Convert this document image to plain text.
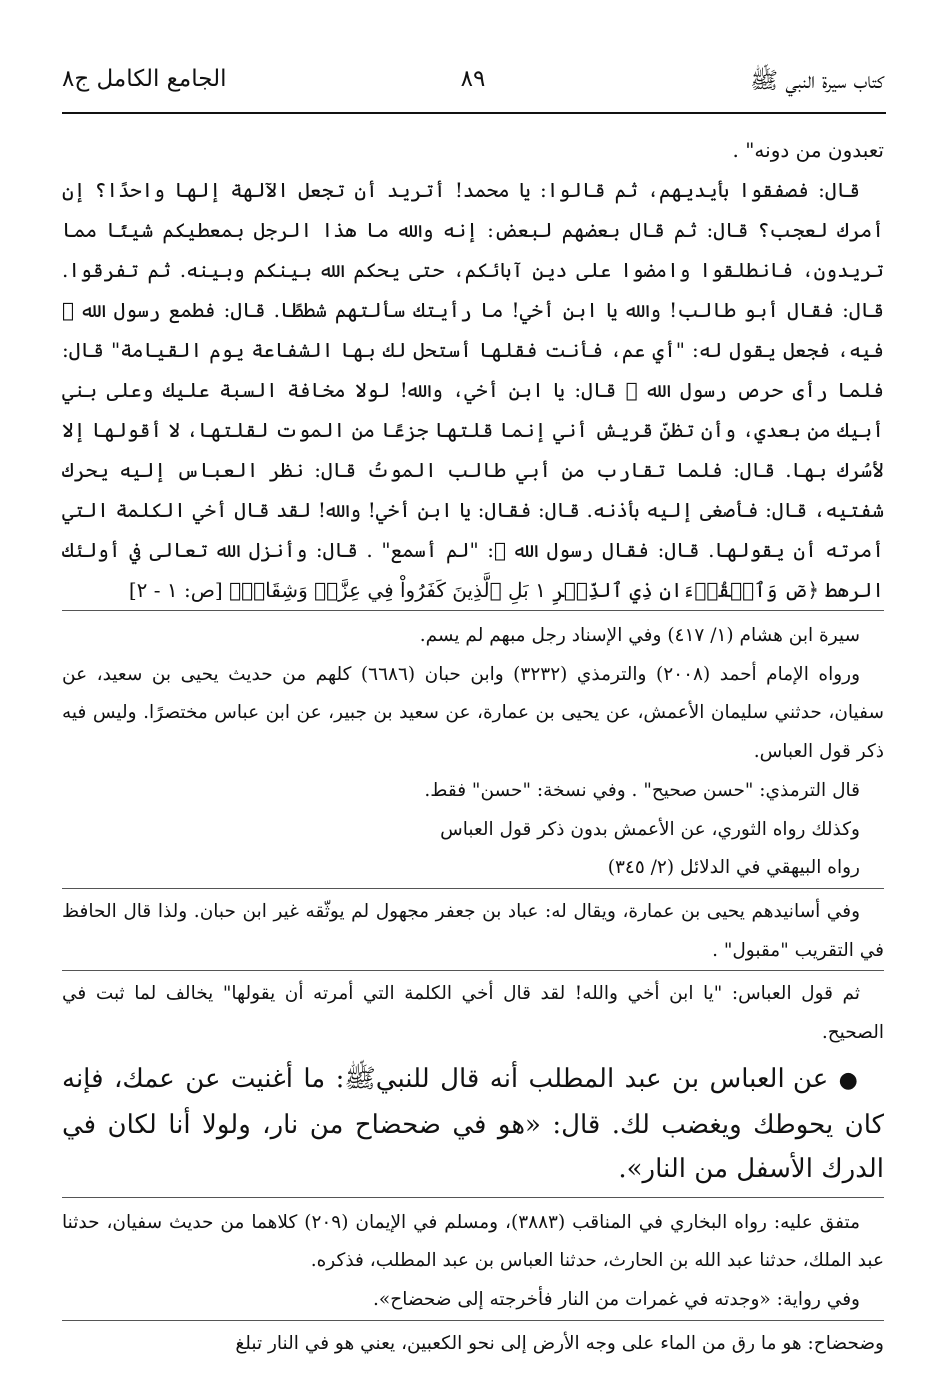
كتاب سيرة النبي ﷺ
٨٩
الجامع الكامل ج٨

تعبدون من دونه" .

قال: فصفقوا بأيديهم، ثم قالوا: يا محمد! أتريد أن تجعل الآلهة إلها واحدًا؟ إن أمرك لعجب؟ قال: ثم قال بعضهم لبعض: إنه والله ما هذا الرجل بمعطيكم شيئًا مما تريدون، فانطلقوا وامضوا على دين آبائكم، حتى يحكم الله بينكم وبينه. ثم تفرقوا. قال: فقال أبو طالب! والله يا ابن أخي! ما رأيتك سألتهم شططًا. قال: فطمع رسول الله ﷺ فيه، فجعل يقول له: "أي عم، فأنت فقلها أستحل لك بها الشفاعة يوم القيامة" قال: فلما رأى حرص رسول الله ﷺ قال: يا ابن أخي، والله! لولا مخافة السبة عليك وعلى بني أبيك من بعدي، وأن تظنّ قريش أني إنما قلتها جزعًا من الموت لقلتها، لا أقولها إلا لأسُرك بها. قال: فلما تقارب من أبي طالب الموتُ قال: نظر العباس إليه يحرك شفتيه، قال: فأصغى إليه بأذنه. قال: فقال: يا ابن أخي! والله! لقد قال أخي الكلمة التي أمرته أن يقولها. قال: فقال رسول الله ﷺ: "لم أسمع" . قال: وأنزل الله تعالى في أولئك الرهط ﴿صٓ وَٱلۡقُرۡءَانِ ذِي ٱلذِّكۡرِ ١ بَلِ ٱلَّذِينَ كَفَرُواْ فِي عِزَّةٖ وَشِقَاقٖ﴾ [ص: ١ - ٢]

سيرة ابن هشام (١/ ٤١٧) وفي الإسناد رجل مبهم لم يسم.

ورواه الإمام أحمد (٢٠٠٨) والترمذي (٣٢٣٢) وابن حبان (٦٦٨٦) كلهم من حديث يحيى بن سعيد، عن سفيان، حدثني سليمان الأعمش، عن يحيى بن عمارة، عن سعيد بن جبير، عن ابن عباس مختصرًا. وليس فيه ذكر قول العباس.

قال الترمذي: "حسن صحيح" . وفي نسخة: "حسن" فقط.

وكذلك رواه الثوري، عن الأعمش بدون ذكر قول العباس

رواه البيهقي في الدلائل (٢/ ٣٤٥)

وفي أسانيدهم يحيى بن عمارة، ويقال له: عباد بن جعفر مجهول لم يوثّقه غير ابن حبان. ولذا قال الحافظ في التقريب "مقبول" .

ثم قول العباس: "يا ابن أخي والله! لقد قال أخي الكلمة التي أمرته أن يقولها" يخالف لما ثبت في الصحيح.

● عن العباس بن عبد المطلب أنه قال للنبيﷺ: ما أغنيت عن عمك، فإنه كان يحوطك ويغضب لك. قال: «هو في ضحضاح من نار، ولولا أنا لكان في الدرك الأسفل من النار».

متفق عليه: رواه البخاري في المناقب (٣٨٨٣)، ومسلم في الإيمان (٢٠٩) كلاهما من حديث سفيان، حدثنا عبد الملك، حدثنا عبد الله بن الحارث، حدثنا العباس بن عبد المطلب، فذكره.

وفي رواية: «وجدته في غمرات من النار فأخرجته إلى ضحضاح».

وضحضاح: هو ما رق من الماء على وجه الأرض إلى نحو الكعبين، يعني هو في النار تبلغ
